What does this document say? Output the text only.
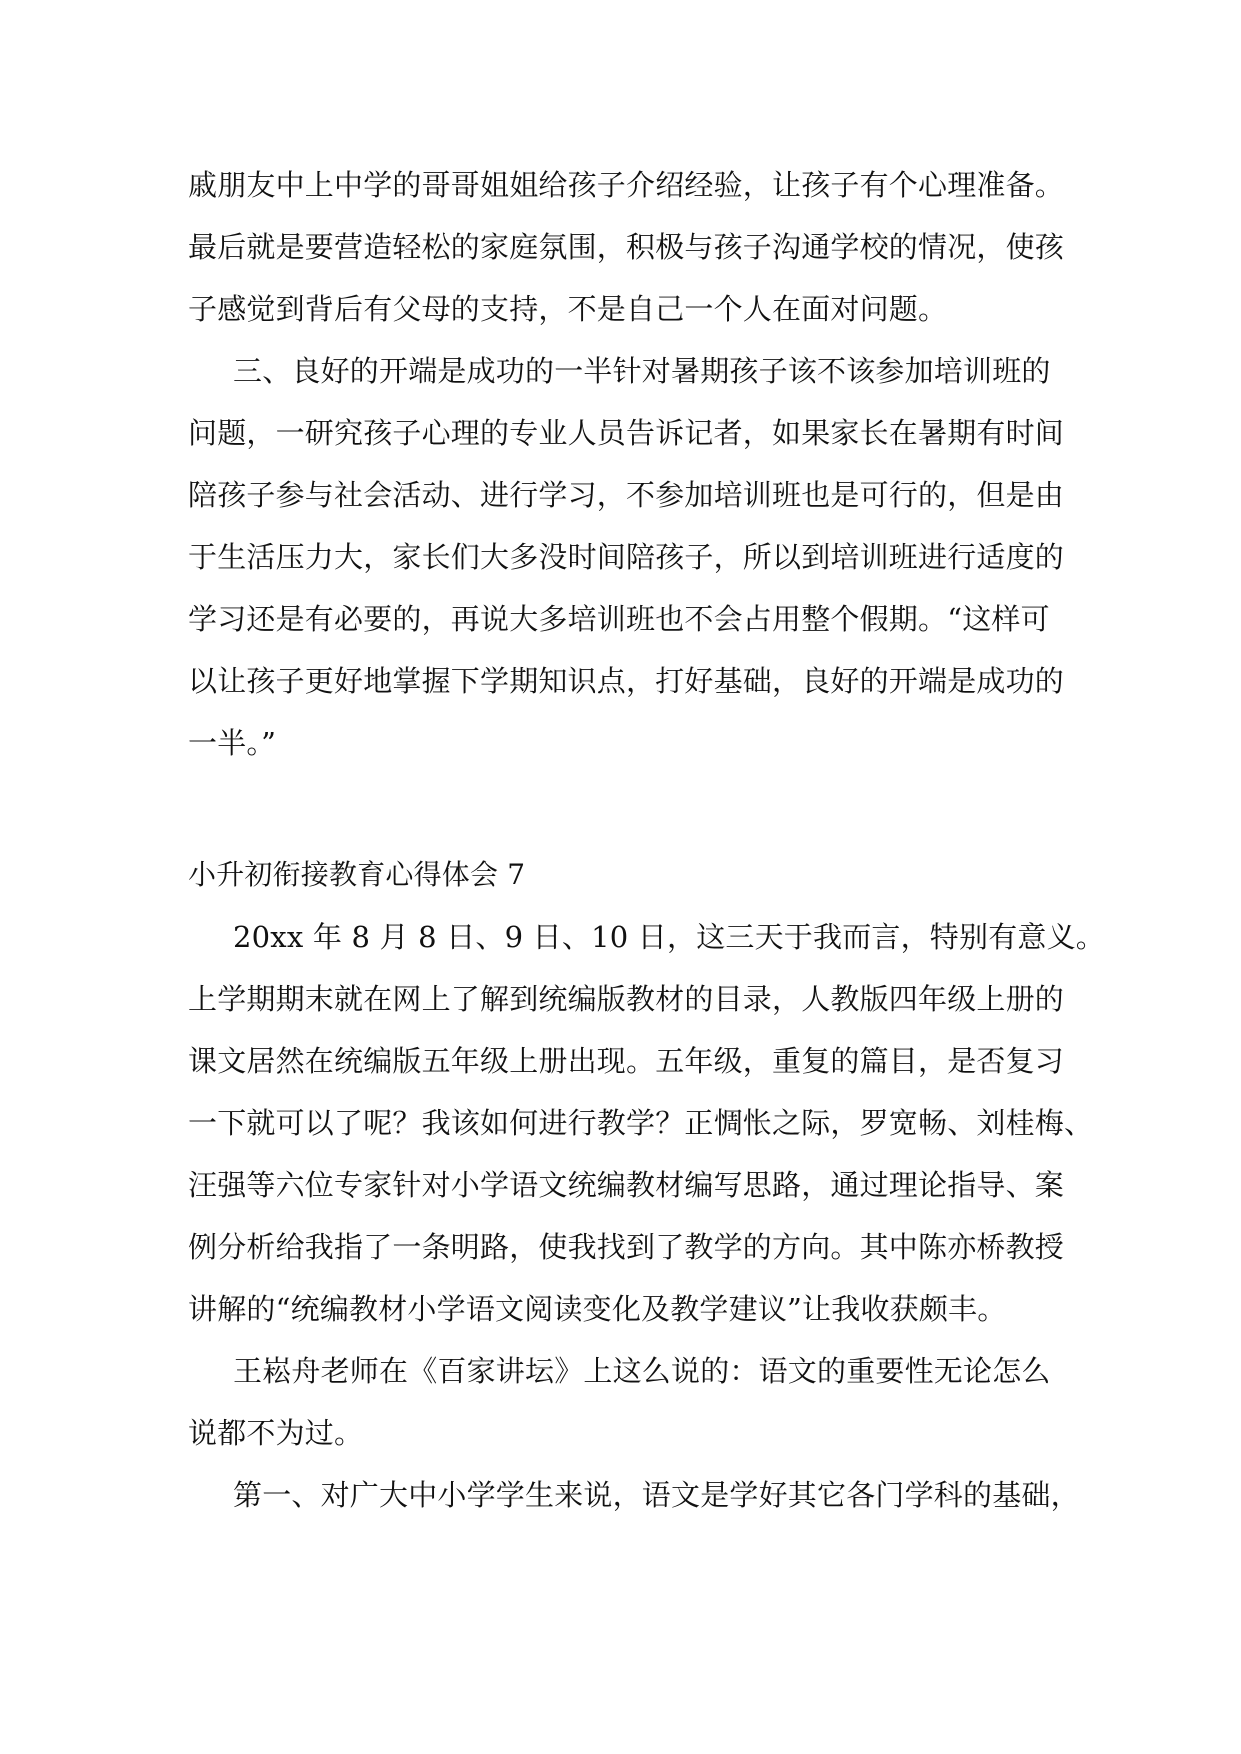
戚朋友中上中学的哥哥姐姐给孩子介绍经验，让孩子有个心理准备。

最后就是要营造轻松的家庭氛围，积极与孩子沟通学校的情况，使孩

子感觉到背后有父母的支持，不是自己一个人在面对问题。

三、良好的开端是成功的一半针对暑期孩子该不该参加培训班的

问题，一研究孩子心理的专业人员告诉记者，如果家长在暑期有时间

陪孩子参与社会活动、进行学习，不参加培训班也是可行的，但是由

于生活压力大，家长们大多没时间陪孩子，所以到培训班进行适度的

学习还是有必要的，再说大多培训班也不会占用整个假期。“这样可

以让孩子更好地掌握下学期知识点，打好基础，良好的开端是成功的

一半。”

小升初衔接教育心得体会 7

20xx 年 8 月 8 日、9 日、10 日，这三天于我而言，特别有意义。

上学期期末就在网上了解到统编版教材的目录，人教版四年级上册的

课文居然在统编版五年级上册出现。五年级，重复的篇目，是否复习

一下就可以了呢？我该如何进行教学？正惆怅之际，罗宽畅、刘桂梅、

汪强等六位专家针对小学语文统编教材编写思路，通过理论指导、案

例分析给我指了一条明路，使我找到了教学的方向。其中陈亦桥教授

讲解的“统编教材小学语文阅读变化及教学建议”让我收获颇丰。

王崧舟老师在《百家讲坛》上这么说的：语文的重要性无论怎么

说都不为过。

第一、对广大中小学学生来说，语文是学好其它各门学科的基础，
